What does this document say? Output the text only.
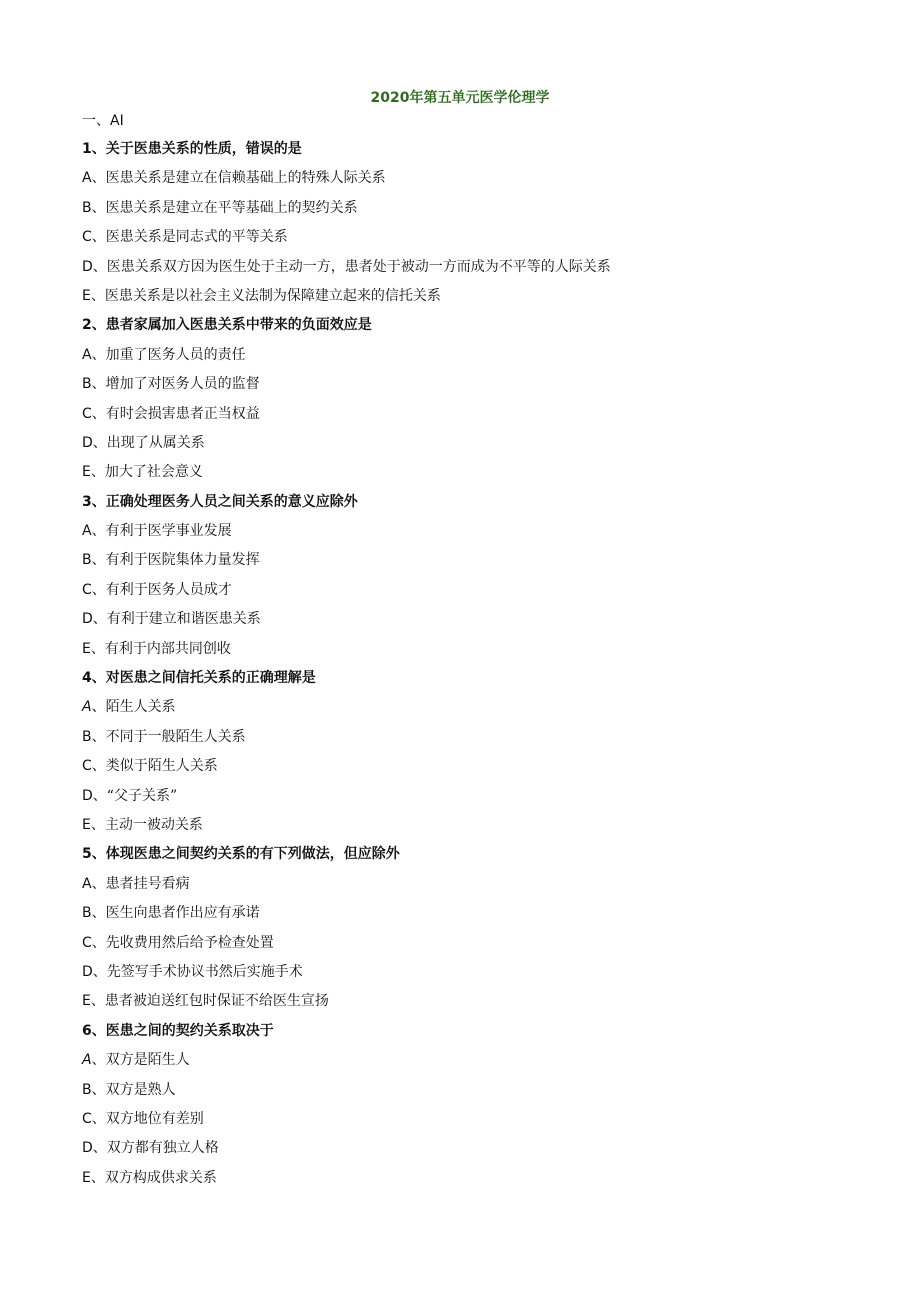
2020年第五单元医学伦理学
一、AI
1、关于医患关系的性质，错误的是
A 、 医患关系是建立在信赖基础上的特殊人际关系
B 、 医患关系是建立在平等基础上的契约关系
C 、 医患关系是同志式的平等关系
D 、 医患关系双方因为医生处于主动一方，患者处于被动一方而成为不平等的人际关系
E 、 医患关系是以社会主义法制为保障建立起来的信托关系
2、患者家属加入医患关系中带来的负面效应是
A 、 加重了医务人员的责任
B 、 增加了对医务人员的监督
C 、 有时会损害患者正当权益
D 、 出现了从属关系
E 、 加大了社会意义
3、正确处理医务人员之间关系的意义应除外
A 、 有利于医学事业发展
B 、 有利于医院集体力量发挥
C 、 有利于医务人员成才
D 、 有利于建立和谐医患关系
E 、 有利于内部共同创收
4、对医患之间信托关系的正确理解是
A 、 陌生人关系
B 、 不同于一般陌生人关系
C 、 类似于陌生人关系
D 、 “父子关系”
E 、 主动一被动关系
5、体现医患之间契约关系的有下列做法，但应除外
A 、 患者挂号看病
B 、 医生向患者作出应有承诺
C 、 先收费用然后给予检查处置
D 、 先签写手术协议书然后实施手术
E 、 患者被迫送红包时保证不给医生宣扬
6、医患之间的契约关系取决于
A 、 双方是陌生人
B 、 双方是熟人
C 、 双方地位有差别
D 、 双方都有独立人格
E 、 双方构成供求关系
